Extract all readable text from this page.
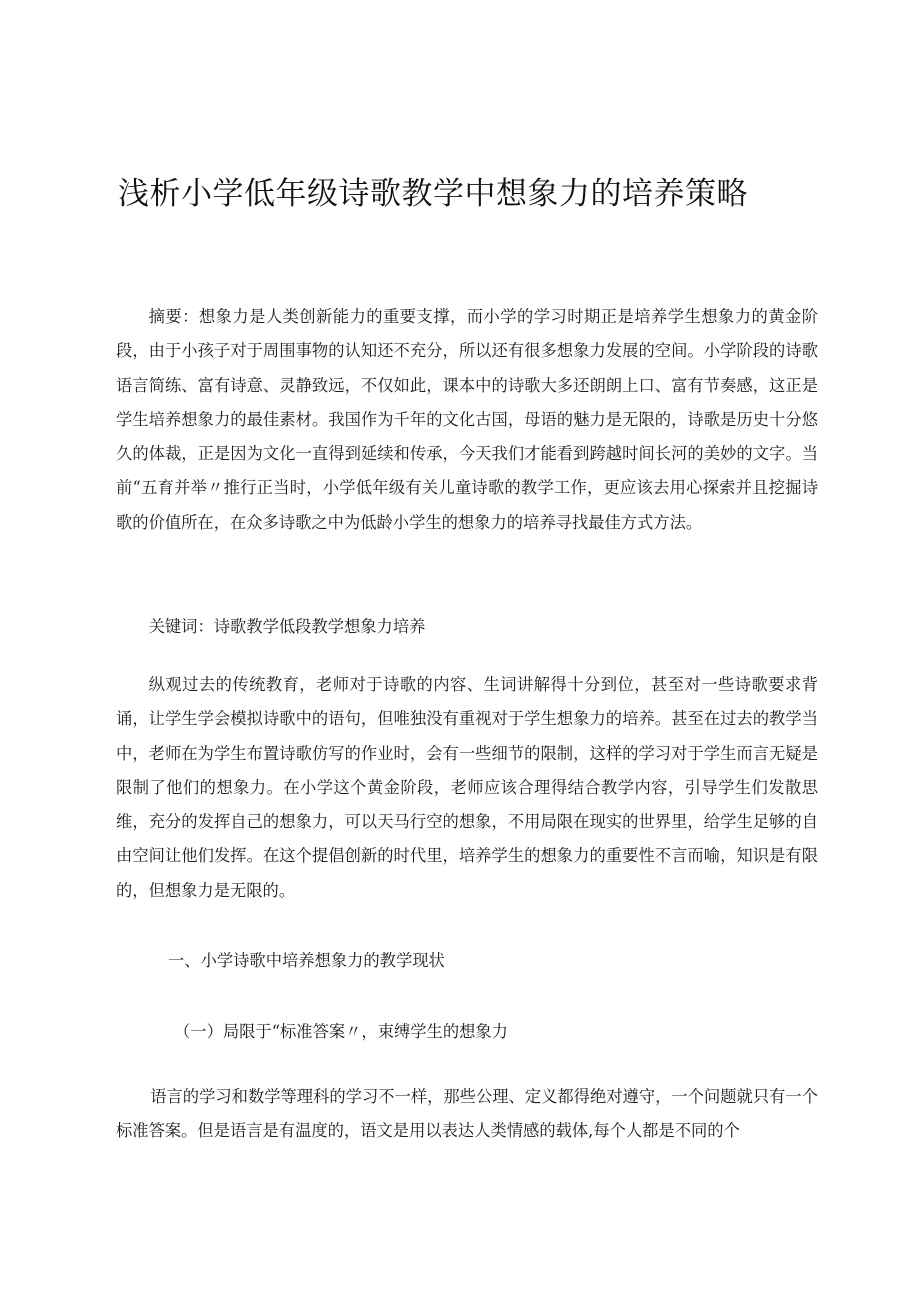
浅析小学低年级诗歌教学中想象力的培养策略

摘要：想象力是人类创新能力的重要支撑，而小学的学习时期正是培养学生想象力的黄金阶段，由于小孩子对于周围事物的认知还不充分，所以还有很多想象力发展的空间。小学阶段的诗歌语言简练、富有诗意、灵静致远，不仅如此，课本中的诗歌大多还朗朗上口、富有节奏感，这正是学生培养想象力的最佳素材。我国作为千年的文化古国，母语的魅力是无限的，诗歌是历史十分悠久的体裁，正是因为文化一直得到延续和传承，今天我们才能看到跨越时间长河的美妙的文字。当前“五育并举〃推行正当时，小学低年级有关儿童诗歌的教学工作，更应该去用心探索并且挖掘诗歌的价值所在，在众多诗歌之中为低龄小学生的想象力的培养寻找最佳方式方法。

关键词：诗歌教学低段教学想象力培养

纵观过去的传统教育，老师对于诗歌的内容、生词讲解得十分到位，甚至对一些诗歌要求背诵，让学生学会模拟诗歌中的语句，但唯独没有重视对于学生想象力的培养。甚至在过去的教学当中，老师在为学生布置诗歌仿写的作业时，会有一些细节的限制，这样的学习对于学生而言无疑是限制了他们的想象力。在小学这个黄金阶段，老师应该合理得结合教学内容，引导学生们发散思维，充分的发挥自己的想象力，可以天马行空的想象，不用局限在现实的世界里，给学生足够的自由空间让他们发挥。在这个提倡创新的时代里，培养学生的想象力的重要性不言而喻，知识是有限的，但想象力是无限的。

一、小学诗歌中培养想象力的教学现状

（一）局限于“标准答案〃，束缚学生的想象力

语言的学习和数学等理科的学习不一样，那些公理、定义都得绝对遵守，一个问题就只有一个标准答案。但是语言是有温度的，语文是用以表达人类情感的载体,每个人都是不同的个
